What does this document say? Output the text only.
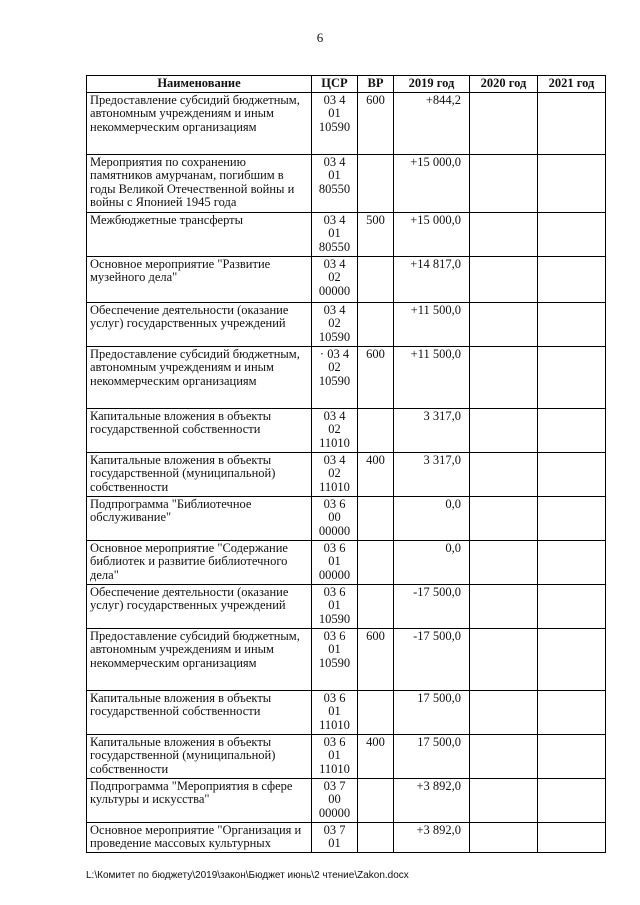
6
Наименование	ЦСР	ВР	2019 год	2020 год	2021 год
Предоставление субсидий бюджетным, автономным учреждениям и иным некоммерческим организациям	03 4
01
10590	600	+844,2		
Мероприятия по сохранению памятников амурчанам, погибшим в годы Великой Отечественной войны и войны с Японией 1945 года	03 4
01
80550		+15 000,0		
Межбюджетные трансферты	03 4
01
80550	500	+15 000,0		
Основное мероприятие "Развитие музейного дела"	03 4
02
00000		+14 817,0		
Обеспечение деятельности (оказание услуг) государственных учреждений	03 4
02
10590		+11 500,0		
Предоставление субсидий бюджетным, автономным учреждениям и иным некоммерческим организациям	· 03 4
02
10590	600	+11 500,0		
Капитальные вложения в объекты государственной собственности	03 4
02
11010		3 317,0		
Капитальные вложения в объекты государственной (муниципальной) собственности	03 4
02
11010	400	3 317,0		
Подпрограмма "Библиотечное обслуживание"	03 6
00
00000		0,0		
Основное мероприятие "Содержание библиотек и развитие библиотечного дела"	03 6
01
00000		0,0		
Обеспечение деятельности (оказание услуг) государственных учреждений	03 6
01
10590		-17 500,0		
Предоставление субсидий бюджетным, автономным учреждениям и иным некоммерческим организациям	03 6
01
10590	600	-17 500,0		
Капитальные вложения в объекты государственной собственности	03 6
01
11010		17 500,0		
Капитальные вложения в объекты государственной (муниципальной) собственности	03 6
01
11010	400	17 500,0		
Подпрограмма "Мероприятия в сфере культуры и искусства"	03 7
00
00000		+3 892,0		
Основное мероприятие "Организация и проведение массовых культурных	03 7
01		+3 892,0		
L:\Комитет по бюджету\2019\закон\Бюджет июнь\2 чтение\Zakon.docx
